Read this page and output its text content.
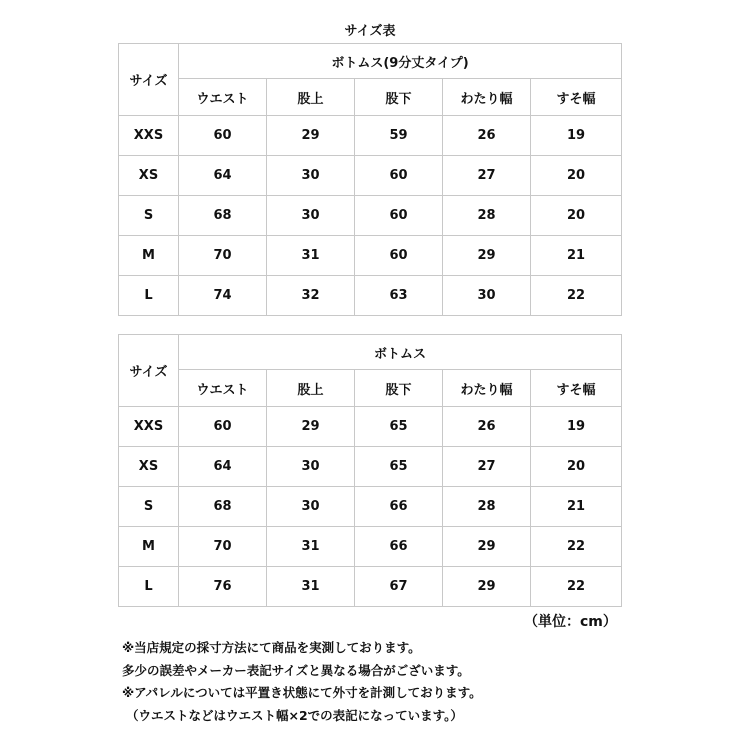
サイズ表
サイズ	ボトムス(9分丈タイプ)				
	ウエスト	股上	股下	わたり幅	すそ幅
XXS	60	29	59	26	19
XS	64	30	60	27	20
S	68	30	60	28	20
M	70	31	60	29	21
L	74	32	63	30	22
サイズ	ボトムス				
	ウエスト	股上	股下	わたり幅	すそ幅
XXS	60	29	65	26	19
XS	64	30	65	27	20
S	68	30	66	28	21
M	70	31	66	29	22
L	76	31	67	29	22
（単位：cm）
※当店規定の採寸方法にて商品を実測しております。
多少の誤差やメーカー表記サイズと異なる場合がございます。
※アパレルについては平置き状態にて外寸を計測しております。
（ウエストなどはウエスト幅×2での表記になっています。）
